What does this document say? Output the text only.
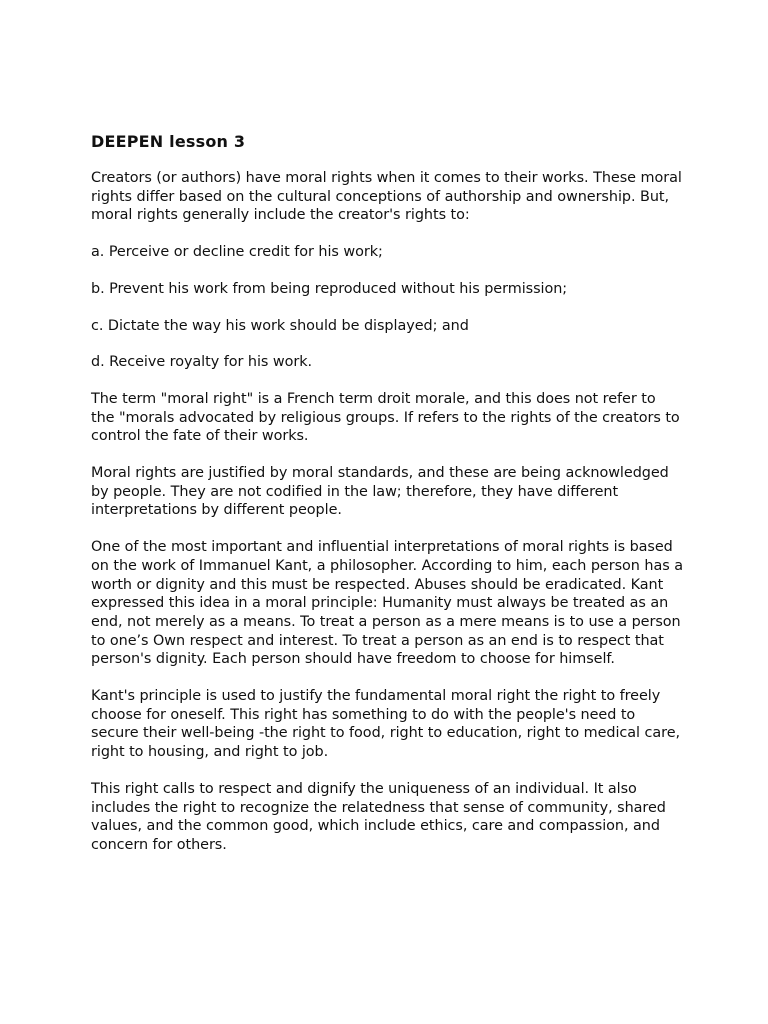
DEEPEN lesson 3

Creators (or authors) have moral rights when it comes to their works. These moral rights differ based on the cultural conceptions of authorship and ownership. But, moral rights generally include the creator's rights to:

a. Perceive or decline credit for his work;

b. Prevent his work from being reproduced without his permission;

c. Dictate the way his work should be displayed; and

d. Receive royalty for his work.

The term "moral right" is a French term droit morale, and this does not refer to the "morals advocated by religious groups. If refers to the rights of the creators to control the fate of their works.

Moral rights are justified by moral standards, and these are being acknowledged by people. They are not codified in the law; therefore, they have different interpretations by different people.

One of the most important and influential interpretations of moral rights is based on the work of Immanuel Kant, a philosopher. According to him, each person has a worth or dignity and this must be respected. Abuses should be eradicated. Kant expressed this idea in a moral principle: Humanity must always be treated as an end, not merely as a means. To treat a person as a mere means is to use a person to one’s Own respect and interest. To treat a person as an end is to respect that person's dignity. Each person should have freedom to choose for himself.

Kant's principle is used to justify the fundamental moral right the right to freely choose for oneself. This right has something to do with the people's need to secure their well-being -the right to food, right to education, right to medical care, right to housing, and right to job.

This right calls to respect and dignify the uniqueness of an individual. It also includes the right to recognize the relatedness that sense of community, shared values, and the common good, which include ethics, care and compassion, and concern for others.
